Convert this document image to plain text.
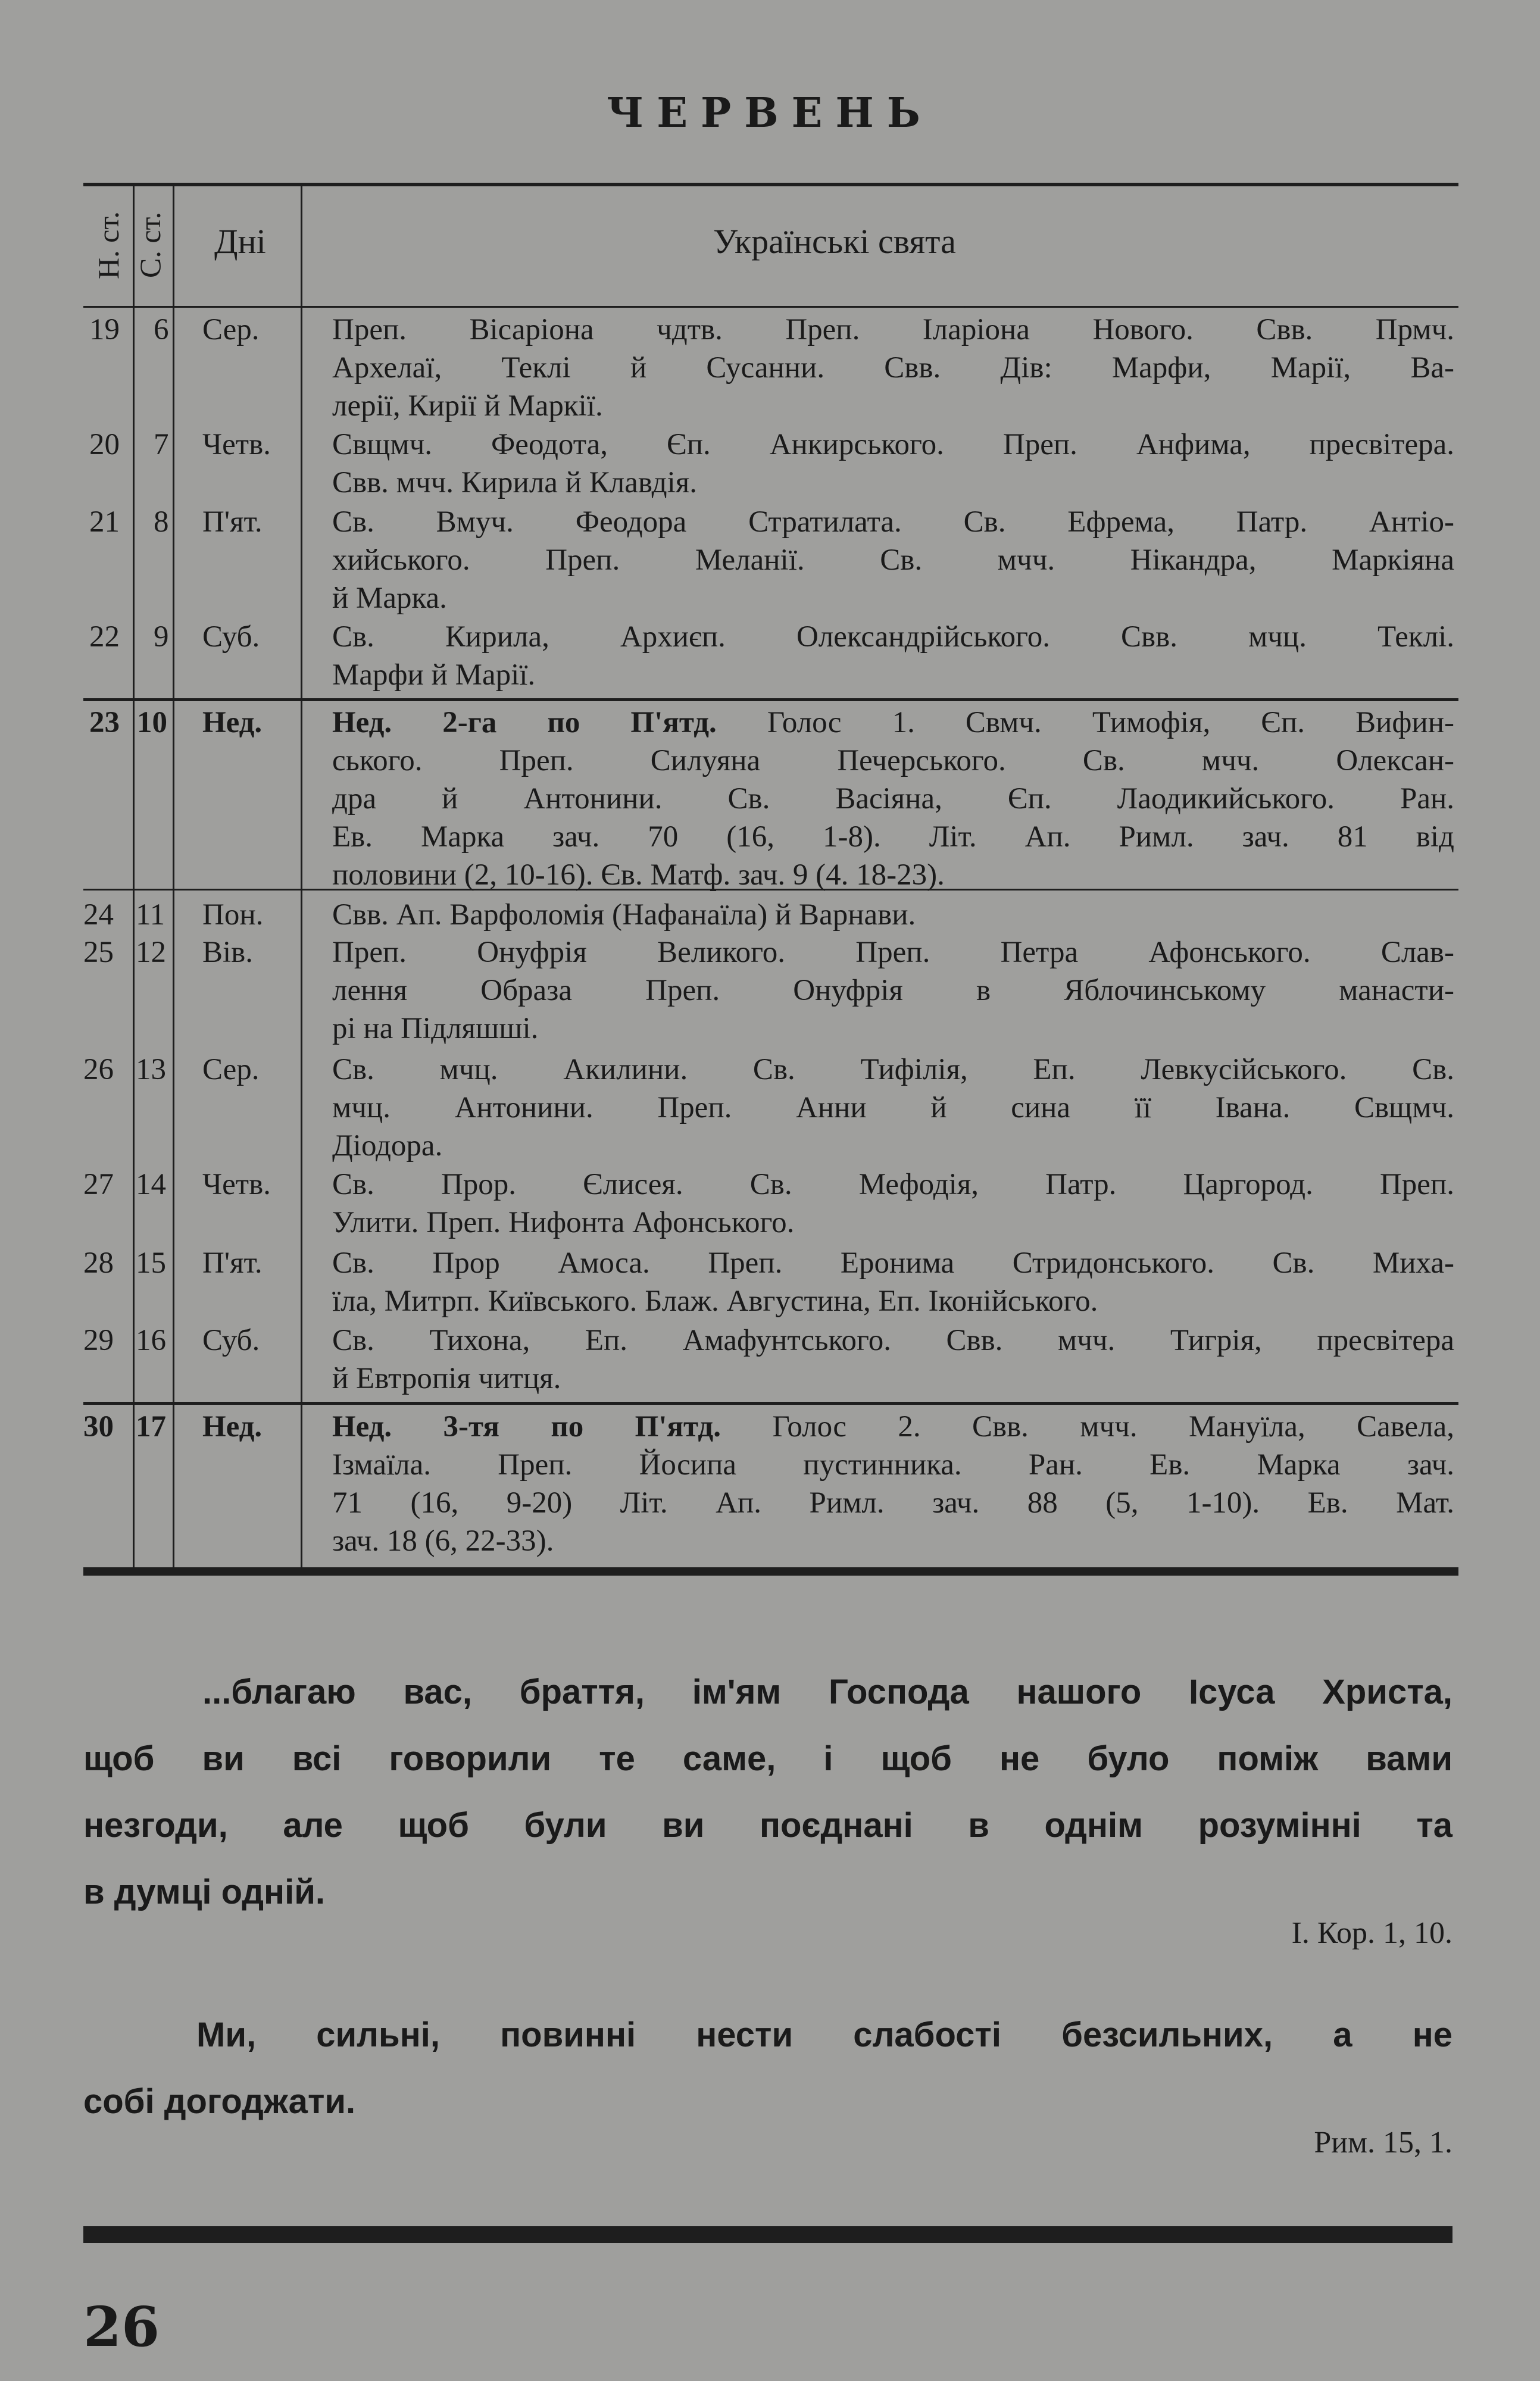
ЧЕРВЕНЬ
Н. ст. С. ст. Дні	Українські свята
19 6 Сер. Преп. Вісаріона чдтв. Преп. Іларіона Нового. Свв. Прмч.
Архелаї, Теклі й Сусанни. Свв. Дів: Марфи, Марії, Ва-
лерії, Кирії й Маркії.
20 7 Четв. Свщмч. Феодота, Єп. Анкирського. Преп. Анфима, пресвітера.
Свв. мчч. Кирила й Клавдія.
21 8 П'ят. Св. Вмуч. Феодора Стратилата. Св. Ефрема, Патр. Антіо-
хийського. Преп. Меланії. Св. мчч. Нікандра, Маркіяна
й Марка.
22 9 Суб. Св. Кирила, Архиєп. Олександрійського. Свв. мчц. Теклі.
Марфи й Марії.
23 10 Нед. Нед. 2-га по П'ятд. Голос 1. Свмч. Тимофія, Єп. Вифин-
ського. Преп. Силуяна Печерського. Св. мчч. Олексан-
дра й Антонини. Св. Васіяна, Єп. Лаодикийського. Ран.
Ев. Марка зач. 70 (16, 1-8). Літ. Ап. Римл. зач. 81 від
половини (2, 10-16). Єв. Матф. зач. 9 (4. 18-23).
24 11 Пон. Свв. Ап. Варфоломія (Нафанаїла) й Варнави.
25 12 Вів.	Преп. Онуфрія Великого. Преп. Петра Афонського. Слав-
лення Образа Преп. Онуфрія в Яблочинському манасти-
рі на Підляшші.
26 13 Сер. Св. мчц. Акилини. Св. Тифілія, Еп. Левкусійського. Св.
мчц. Антонини. Преп. Анни й сина її Івана. Свщмч.
Діодора.
27 14 Четв. Св. Прор. Єлисея. Св. Мефодія, Патр. Царгород. Преп.
Улити. Преп. Нифонта Афонського.
28 15 П'ят. Св. Прор Амоса. Преп. Еронима Стридонського. Св. Миха-
їла, Митрп. Київського. Блаж. Августина, Еп. Іконійського.
29 16 Суб. Св. Тихона, Еп. Амафунтського. Свв. мчч. Тигрія, пресвітера
й Евтропія читця.
30 17 Нед. Нед. 3-тя по П'ятд. Голос 2. Свв. мчч. Мануїла, Савела,
Ізмаїла. Преп. Йосипа пустинника. Ран. Ев. Марка зач.
71 (16, 9-20) Літ. Ап. Римл. зач. 88 (5, 1-10). Ев. Мат.
зач. 18 (6, 22-33).
...благаю вас, браття, ім'ям Господа нашого Ісуса Христа,
щоб ви всі говорили те саме, і щоб не було поміж вами
незгоди, але щоб були ви поєднані в однім розумінні та
в думці одній.
І. Кор. 1, 10.
Ми, сильні, повинні нести слабості безсильних, а не
собі догоджати.
Рим. 15, 1.
26
